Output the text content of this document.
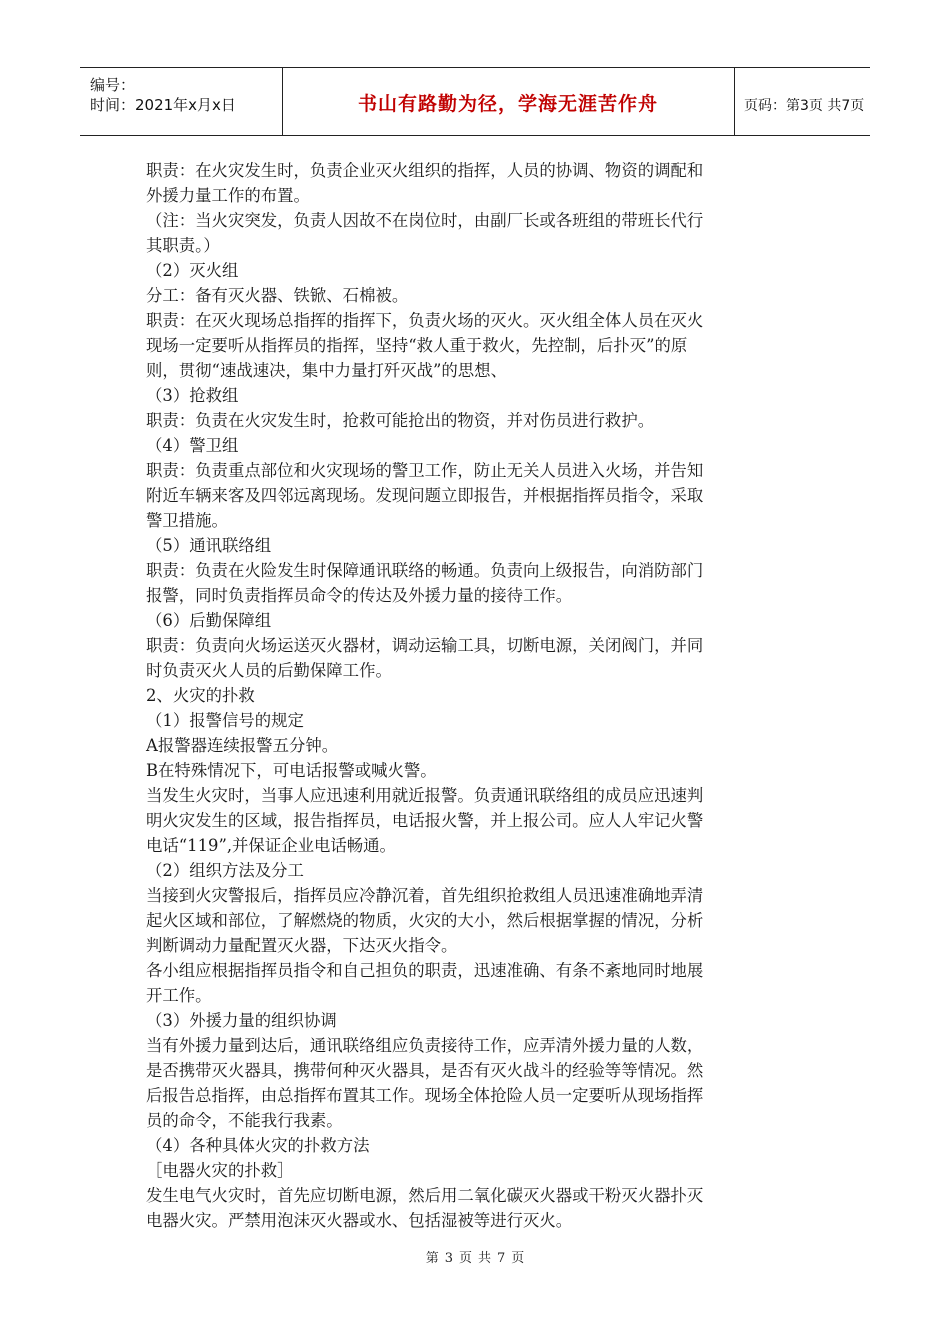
编号：
时间：2021年x月x日	书山有路勤为径，学海无涯苦作舟	页码：第3页 共7页
职责：在火灾发生时，负责企业灭火组织的指挥，人员的协调、物资的调配和
外援力量工作的布置。
（注：当火灾突发，负责人因故不在岗位时，由副厂长或各班组的带班长代行
其职责。）
（2）灭火组
分工：备有灭火器、铁锨、石棉被。
职责：在灭火现场总指挥的指挥下，负责火场的灭火。灭火组全体人员在灭火
现场一定要听从指挥员的指挥，坚持“救人重于救火，先控制，后扑灭”的原
则，贯彻“速战速决，集中力量打歼灭战”的思想、
（3）抢救组
职责：负责在火灾发生时，抢救可能抢出的物资，并对伤员进行救护。
（4）警卫组
职责：负责重点部位和火灾现场的警卫工作，防止无关人员进入火场，并告知
附近车辆来客及四邻远离现场。发现问题立即报告，并根据指挥员指令，采取
警卫措施。
（5）通讯联络组
职责：负责在火险发生时保障通讯联络的畅通。负责向上级报告，向消防部门
报警，同时负责指挥员命令的传达及外援力量的接待工作。
（6）后勤保障组
职责：负责向火场运送灭火器材，调动运输工具，切断电源，关闭阀门，并同
时负责灭火人员的后勤保障工作。
2、火灾的扑救
（1）报警信号的规定
A报警器连续报警五分钟。
B在特殊情况下，可电话报警或喊火警。
当发生火灾时，当事人应迅速利用就近报警。负责通讯联络组的成员应迅速判
明火灾发生的区域，报告指挥员，电话报火警，并上报公司。应人人牢记火警
电话“119”,并保证企业电话畅通。
（2）组织方法及分工
当接到火灾警报后，指挥员应冷静沉着，首先组织抢救组人员迅速准确地弄清
起火区域和部位，了解燃烧的物质，火灾的大小，然后根据掌握的情况，分析
判断调动力量配置灭火器，下达灭火指令。
各小组应根据指挥员指令和自己担负的职责，迅速准确、有条不紊地同时地展
开工作。
（3）外援力量的组织协调
当有外援力量到达后，通讯联络组应负责接待工作，应弄清外援力量的人数，
是否携带灭火器具，携带何种灭火器具，是否有灭火战斗的经验等等情况。然
后报告总指挥，由总指挥布置其工作。现场全体抢险人员一定要听从现场指挥
员的命令，不能我行我素。
（4）各种具体火灾的扑救方法
［电器火灾的扑救］
发生电气火灾时，首先应切断电源，然后用二氧化碳灭火器或干粉灭火器扑灭
电器火灾。严禁用泡沫灭火器或水、包括湿被等进行灭火。
第 3 页 共 7 页
